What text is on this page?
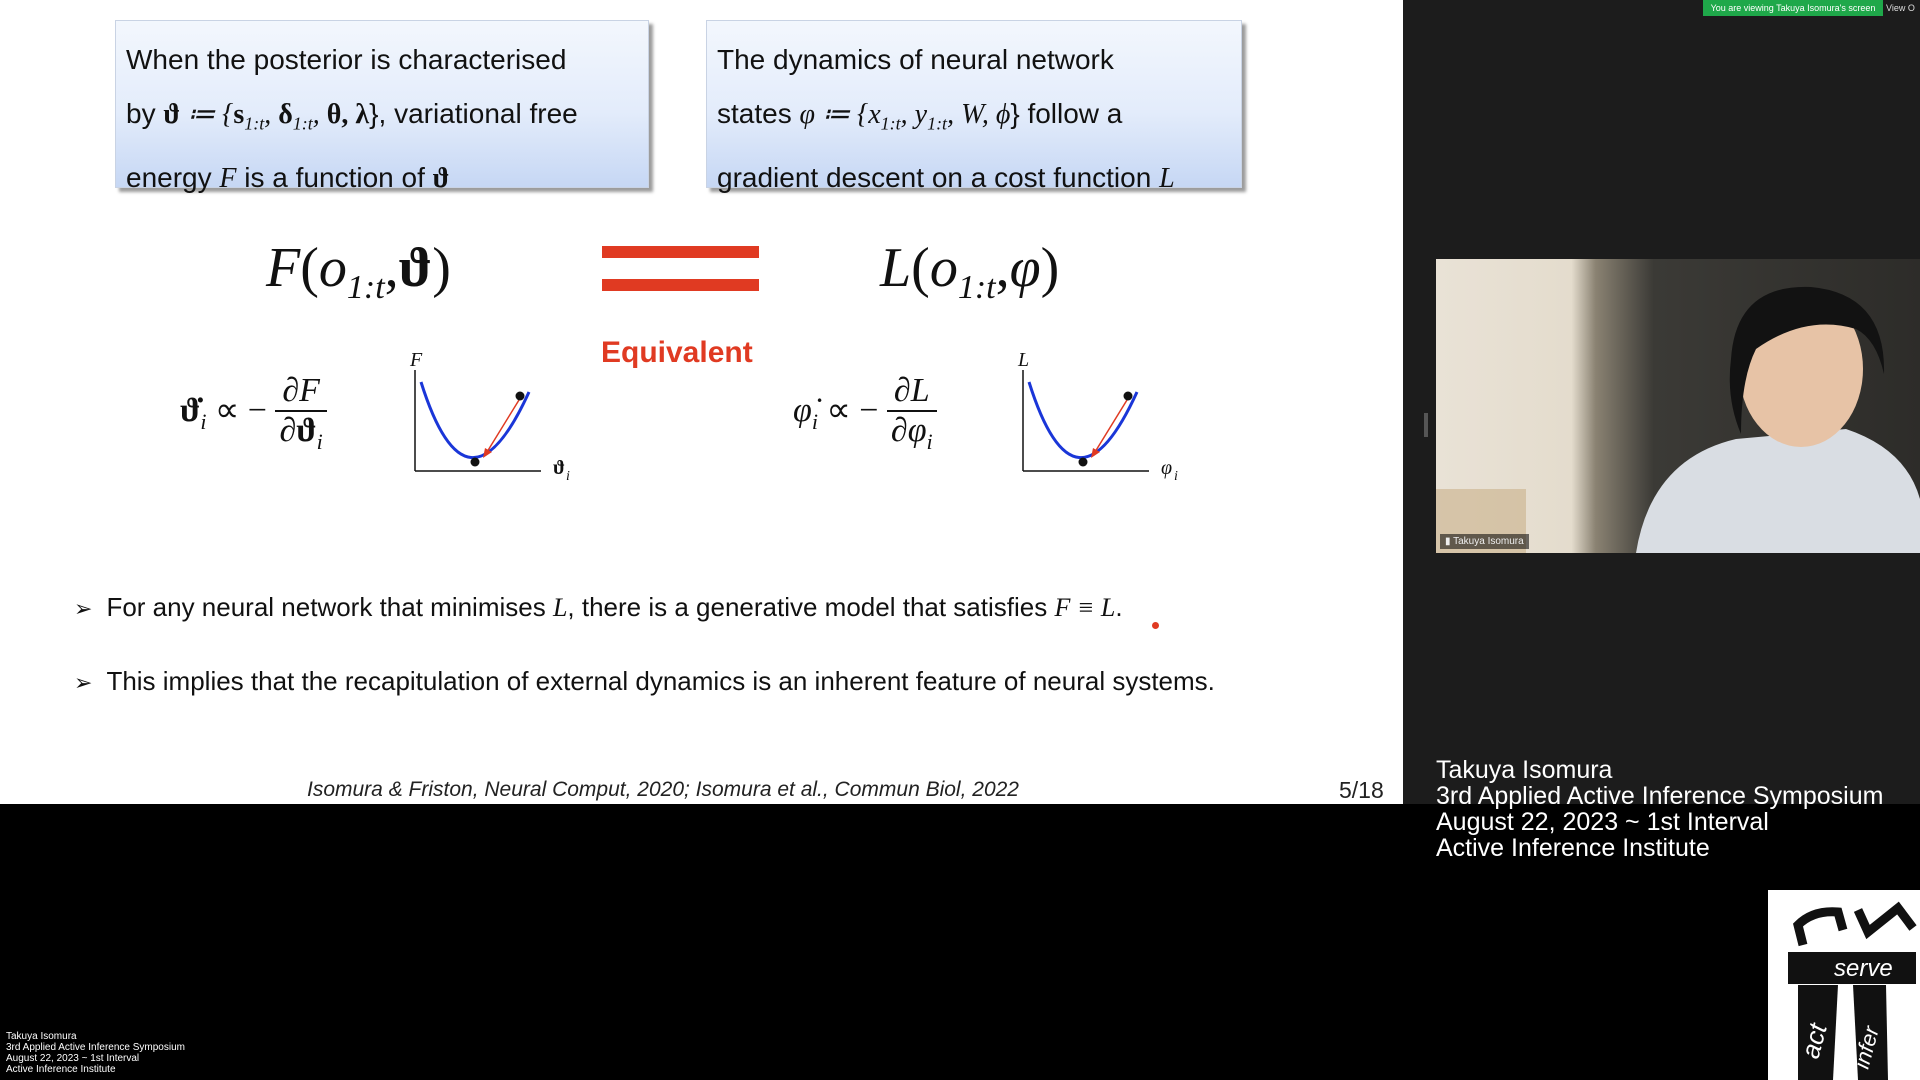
When the posterior is characterised
by ϑ ≔ {$s_{1:t}$, $\delta_{1:t}$, θ, λ}, variational free
energy F is a function of ϑ
The dynamics of neural network
states φ ≔ {$x_{1:t}$, $y_{1:t}$, W, ϕ} follow a
gradient descent on a cost function L
$F(o_{1:t},ϑ)$
Equivalent
$L(o_{1:t},\varphi)$
$ϑ̇_i$ ∝ − $\frac{\partial F}{\partial ϑ_i}$	$\varphi̇_i$ ∝ − $\frac{\partial L}{\partial\varphi_i}$
F
ϑ i
L
φ i
➢ For any neural network that minimises L, there is a generative model that satisfies F ≡ L.
➢ This implies that the recapitulation of external dynamics is an inherent feature of neural systems.
Isomura & Friston, Neural Comput, 2020; Isomura et al., Commun Biol, 2022	5/18
You are viewing Takuya Isomura's screen	View O
▮ Takuya Isomura
Takuya Isomura
3rd Applied Active Inference Symposium
August 22, 2023 ~ 1st Interval
Active Inference Institute
serve
act infer
Takuya Isomura
3rd Applied Active Inference Symposium
August 22, 2023 ~ 1st Interval
Active Inference Institute
